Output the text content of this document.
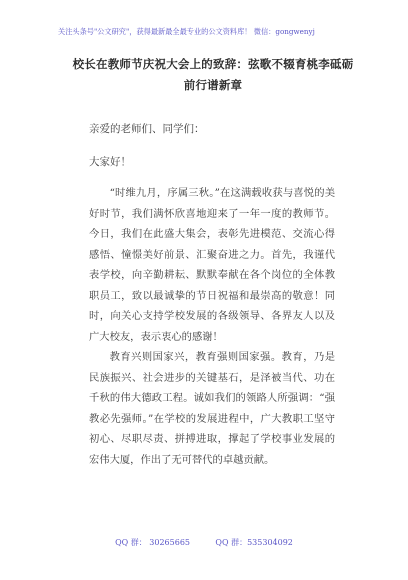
关注头条号"公文研究"，获得最新最全最专业的公文资料库！ 微信：gongwenyj
校长在教师节庆祝大会上的致辞：弦歌不辍育桃李砥砺前行谱新章
亲爱的老师们、同学们：
大家好！
“时维九月，序属三秋。”在这满载收获与喜悦的美好时节，我们满怀欣喜地迎来了一年一度的教师节。今日，我们在此盛大集会，表彰先进模范、交流心得感悟、憧憬美好前景、汇聚奋进之力。首先，我谨代表学校，向辛勤耕耘、默默奉献在各个岗位的全体教职员工，致以最诚挚的节日祝福和最崇高的敬意！同时，向关心支持学校发展的各级领导、各界友人以及广大校友，表示衷心的感谢！
教育兴则国家兴，教育强则国家强。教育，乃是民族振兴、社会进步的关键基石，是泽被当代、功在千秋的伟大德政工程。诚如我们的领路人所强调：“强教必先强师。”在学校的发展进程中，广大教职工坚守初心、尽职尽责、拼搏进取，撑起了学校事业发展的宏伟大厦，作出了无可替代的卓越贡献。
QQ 群： 30265665          QQ 群：535304092
